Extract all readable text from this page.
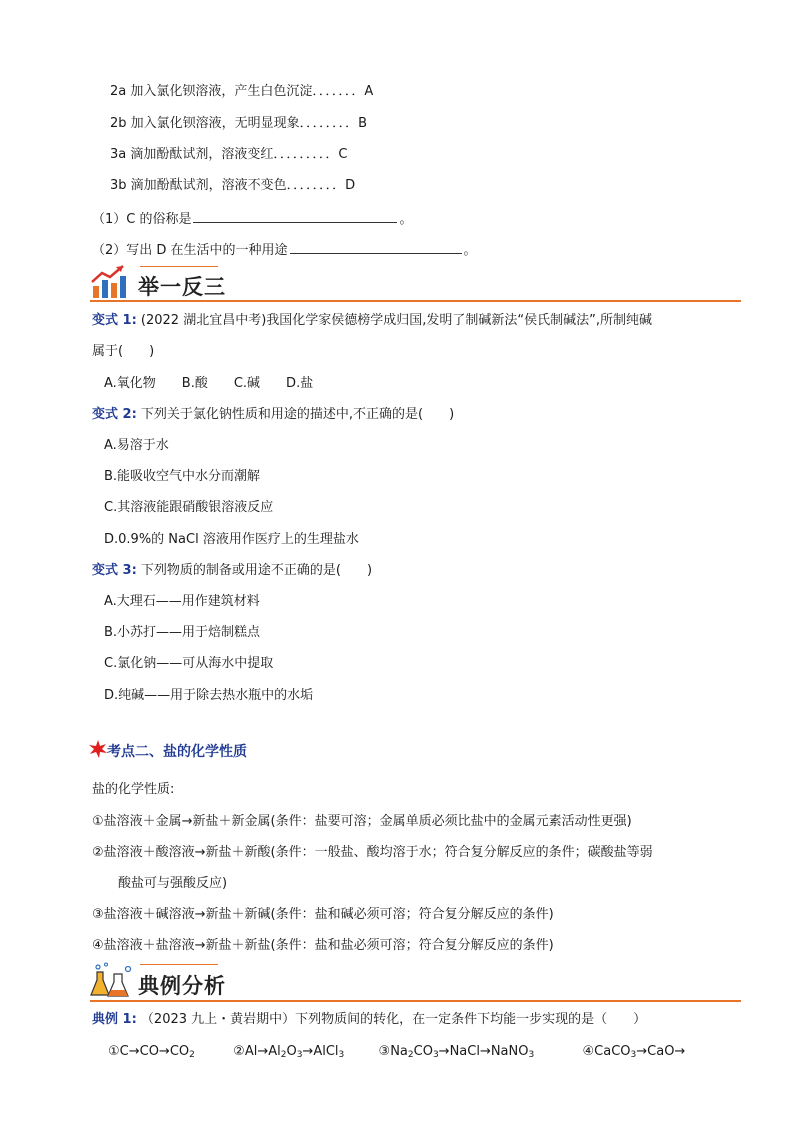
2a 加入氯化钡溶液，产生白色沉淀．．．．．．．A
2b 加入氯化钡溶液，无明显现象．．．．．．．．B
3a 滴加酚酞试剂，溶液变红．．．．．．．．．C
3b 滴加酚酞试剂，溶液不变色．．．．．．．．D
（1）C 的俗称是	。
（2）写出 D 在生活中的一种用途	。
举一反三
变式 1: (2022 湖北宜昌中考)我国化学家侯德榜学成归国,发明了制碱新法“侯氏制碱法”,所制纯碱
属于(　　)
A.氧化物　　B.酸　　C.碱　　D.盐
变式 2: 下列关于氯化钠性质和用途的描述中,不正确的是(　　)
A.易溶于水
B.能吸收空气中水分而潮解
C.其溶液能跟硝酸银溶液反应
D.0.9%的 NaCl 溶液用作医疗上的生理盐水
变式 3: 下列物质的制备或用途不正确的是(　　)
A.大理石——用作建筑材料
B.小苏打——用于焙制糕点
C.氯化钠——可从海水中提取
D.纯碱——用于除去热水瓶中的水垢
考点二、盐的化学性质
盐的化学性质:
①盐溶液＋金属→新盐＋新金属(条件：盐要可溶；金属单质必须比盐中的金属元素活动性更强)
②盐溶液＋酸溶液→新盐＋新酸(条件：一般盐、酸均溶于水；符合复分解反应的条件；碳酸盐等弱
酸盐可与强酸反应)
③盐溶液＋碱溶液→新盐＋新碱(条件：盐和碱必须可溶；符合复分解反应的条件)
④盐溶液＋盐溶液→新盐＋新盐(条件：盐和盐必须可溶；符合复分解反应的条件)
典例分析
典例 1: （2023 九上・黄岩期中）下列物质间的转化，在一定条件下均能一步实现的是（　　）
$①C\to CO\to CO_2$	$②Al\to Al_2O_3\to AlCl_3$	$③Na_2CO_3\to NaCl\to NaNO_3$	④CaCO$_3$→CaO→
